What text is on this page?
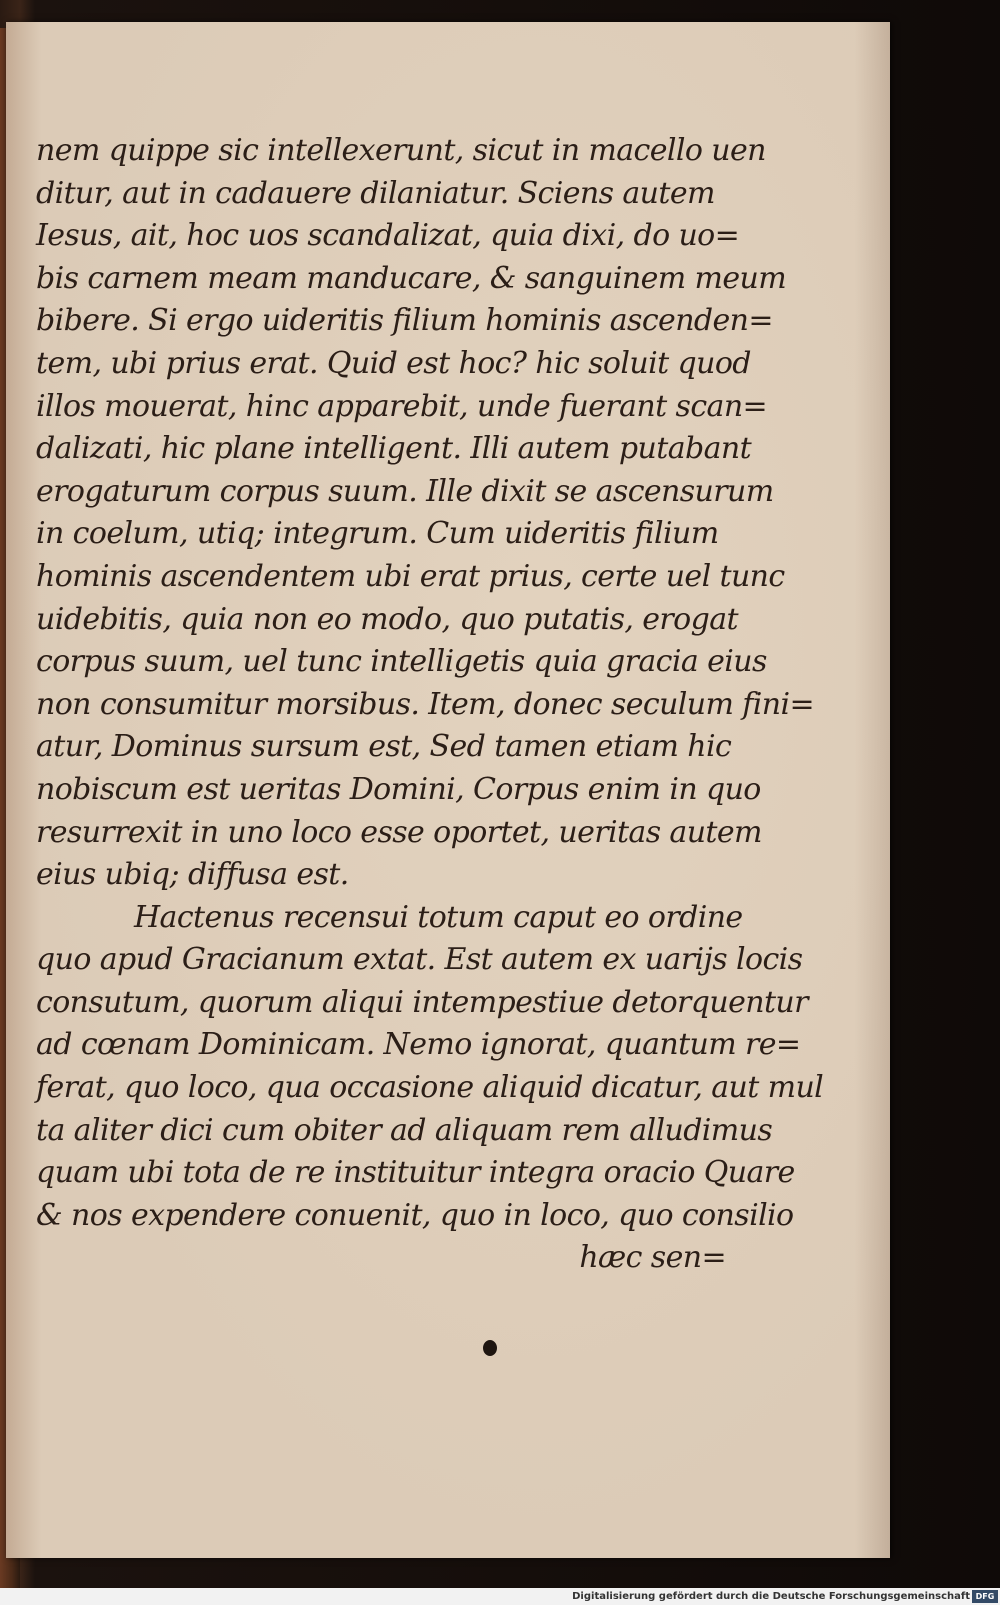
nem quippe sic intellexerunt, sicut in macello uen
ditur, aut in cadauere dilaniatur. Sciens autem
Iesus, ait, hoc uos scandalizat, quia dixi, do uo=
bis carnem meam manducare, & sanguinem meum
bibere. Si ergo uideritis filium hominis ascenden=
tem, ubi prius erat. Quid est hoc? hic soluit quod
illos mouerat, hinc apparebit, unde fuerant scan=
dalizati, hic plane intelligent. Illi autem putabant
erogaturum corpus suum. Ille dixit se ascensurum
in coelum, utiq; integrum. Cum uideritis filium
hominis ascendentem ubi erat prius, certe uel tunc
uidebitis, quia non eo modo, quo putatis, erogat
corpus suum, uel tunc intelligetis quia gracia eius
non consumitur morsibus. Item, donec seculum fini=
atur, Dominus sursum est, Sed tamen etiam hic
nobiscum est ueritas Domini, Corpus enim in quo
resurrexit in uno loco esse oportet, ueritas autem
eius ubiq; diffusa est.
Hactenus recensui totum caput eo ordine
quo apud Gracianum extat. Est autem ex uarijs locis
consutum, quorum aliqui intempestiue detorquentur
ad cœnam Dominicam. Nemo ignorat, quantum re=
ferat, quo loco, qua occasione aliquid dicatur, aut mul
ta aliter dici cum obiter ad aliquam rem alludimus
quam ubi tota de re instituitur integra oracio Quare
& nos expendere conuenit, quo in loco, quo consilio
hæc sen=
Digitalisierung gefördert durch die Deutsche Forschungsgemeinschaft DFG
